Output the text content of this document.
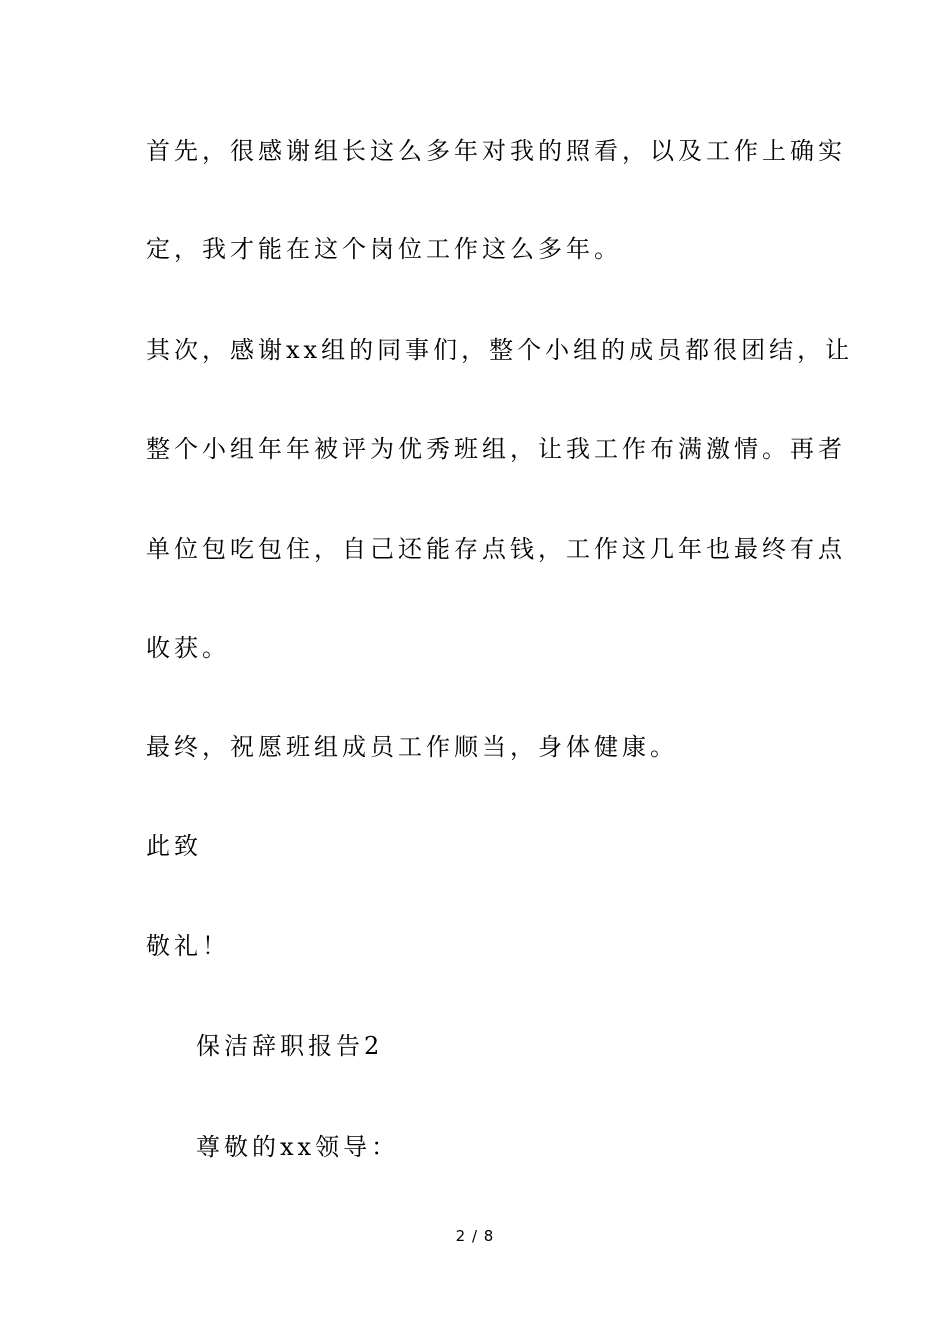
首先，很感谢组长这么多年对我的照看，以及工作上确实
定，我才能在这个岗位工作这么多年。
其次，感谢xx组的同事们，整个小组的成员都很团结，让
整个小组年年被评为优秀班组，让我工作布满激情。再者
单位包吃包住，自己还能存点钱，工作这几年也最终有点
收获。
最终，祝愿班组成员工作顺当，身体健康。
此致
敬礼！
保洁辞职报告2
尊敬的xx领导：
2 / 8
